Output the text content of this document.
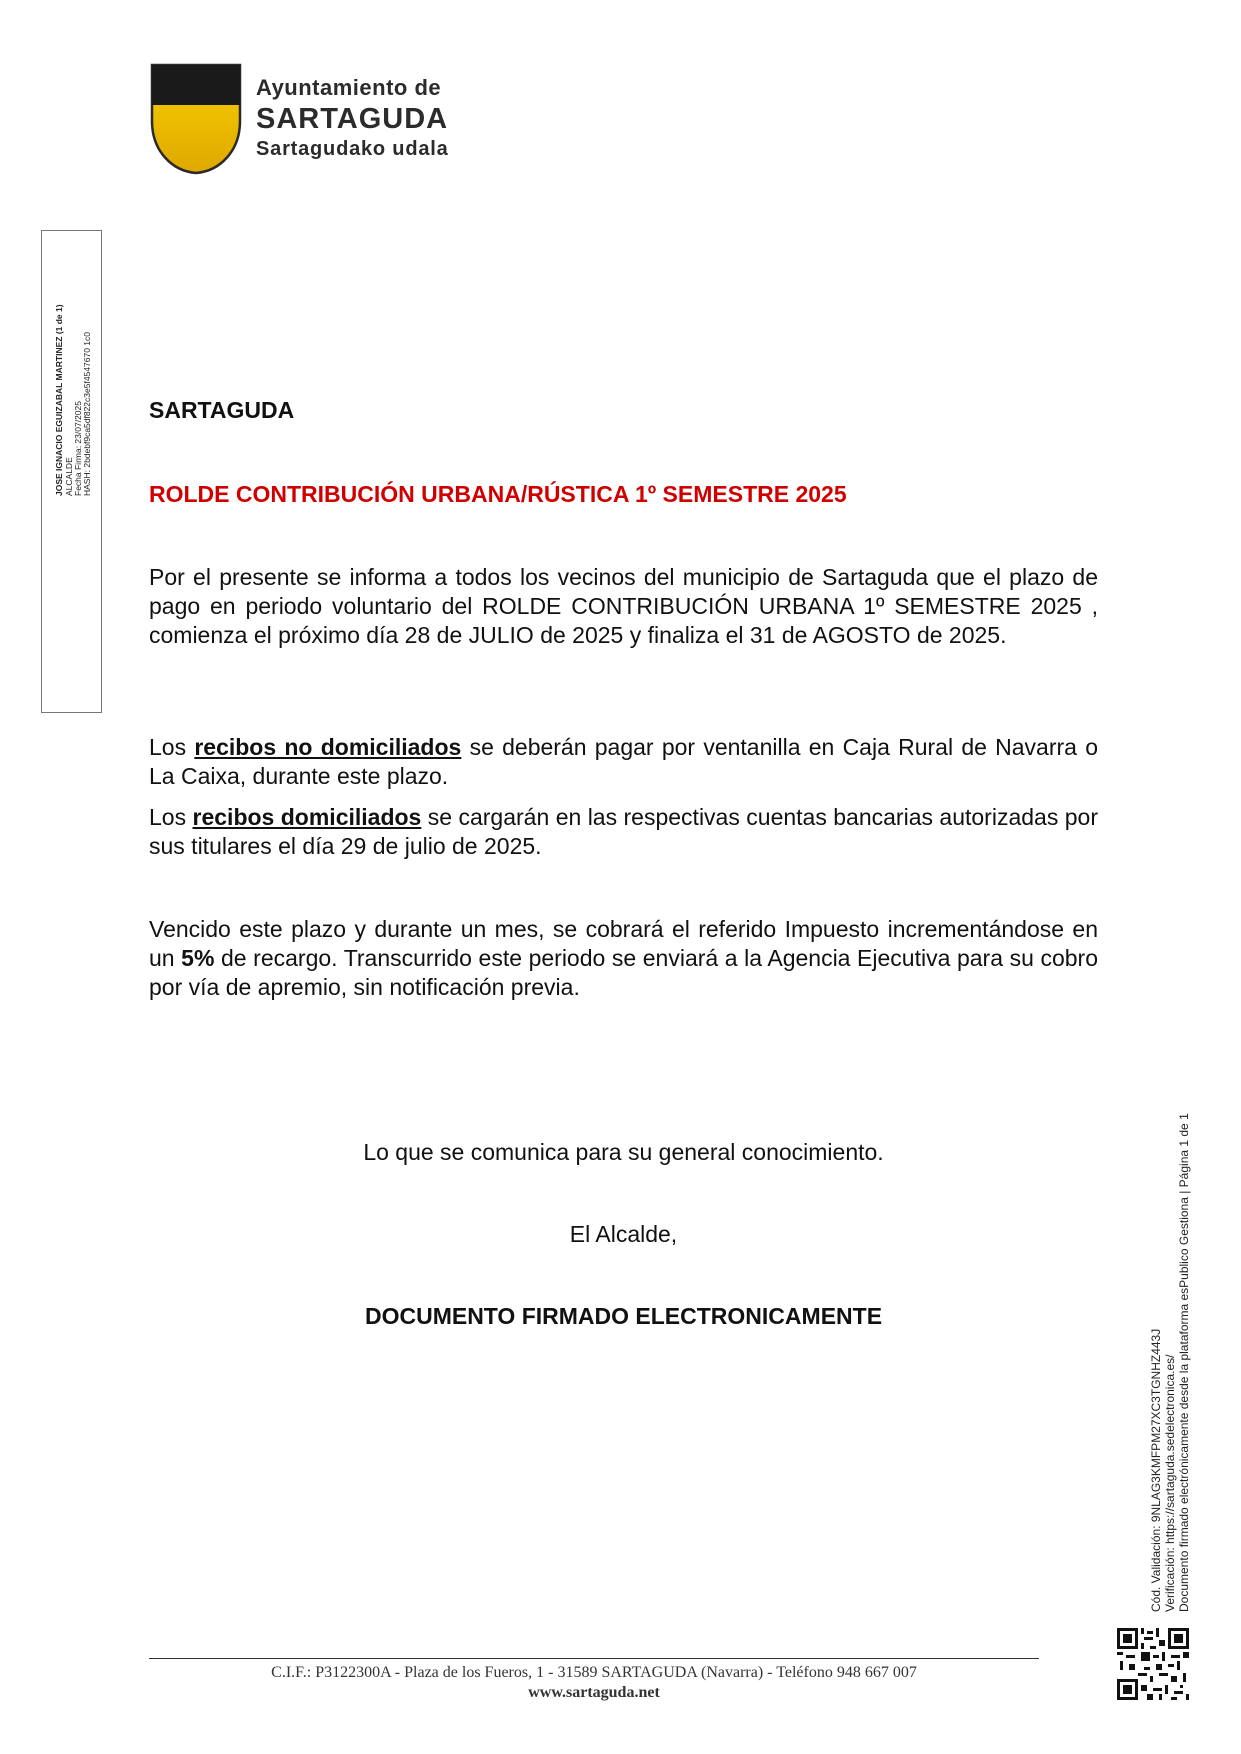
Ayuntamiento de
SARTAGUDA
Sartagudako udala
JOSE IGNACIO EGUIZABAL MARTINEZ (1 de 1) ALCALDE Fecha Firma: 23/07/2025 HASH: 2bdebf9ca5df822c3e5f4547670 1c0 SARTAGUDA
ROLDE CONTRIBUCIÓN URBANA/RÚSTICA 1º SEMESTRE 2025

Por el presente se informa a todos los vecinos del municipio de Sartaguda que el plazo de pago en periodo voluntario del ROLDE CONTRIBUCIÓN URBANA 1º SEMESTRE 2025 , comienza el próximo día 28 de JULIO de 2025 y finaliza el 31 de AGOSTO de 2025.

Los recibos no domiciliados se deberán pagar por ventanilla en Caja Rural de Navarra o La Caixa, durante este plazo.

Los recibos domiciliados se cargarán en las respectivas cuentas bancarias autorizadas por sus titulares el día 29 de julio de 2025.

Vencido este plazo y durante un mes, se cobrará el referido Impuesto incrementándose en un 5% de recargo. Transcurrido este periodo se enviará a la Agencia Ejecutiva para su cobro por vía de apremio, sin notificación previa.

Lo que se comunica para su general conocimiento.
El Alcalde,
DOCUMENTO FIRMADO ELECTRONICAMENTE
Cód. Validación: 9NLAG3KMFPM27XC3TGNHZ443J Verificación: https://sartaguda.sedelectronica.es/ Documento firmado electrónicamente desde la plataforma esPublico Gestiona | Página 1 de 1
C.I.F.: P3122300A - Plaza de los Fueros, 1 - 31589 SARTAGUDA (Navarra) - Teléfono 948 667 007
www.sartaguda.net
